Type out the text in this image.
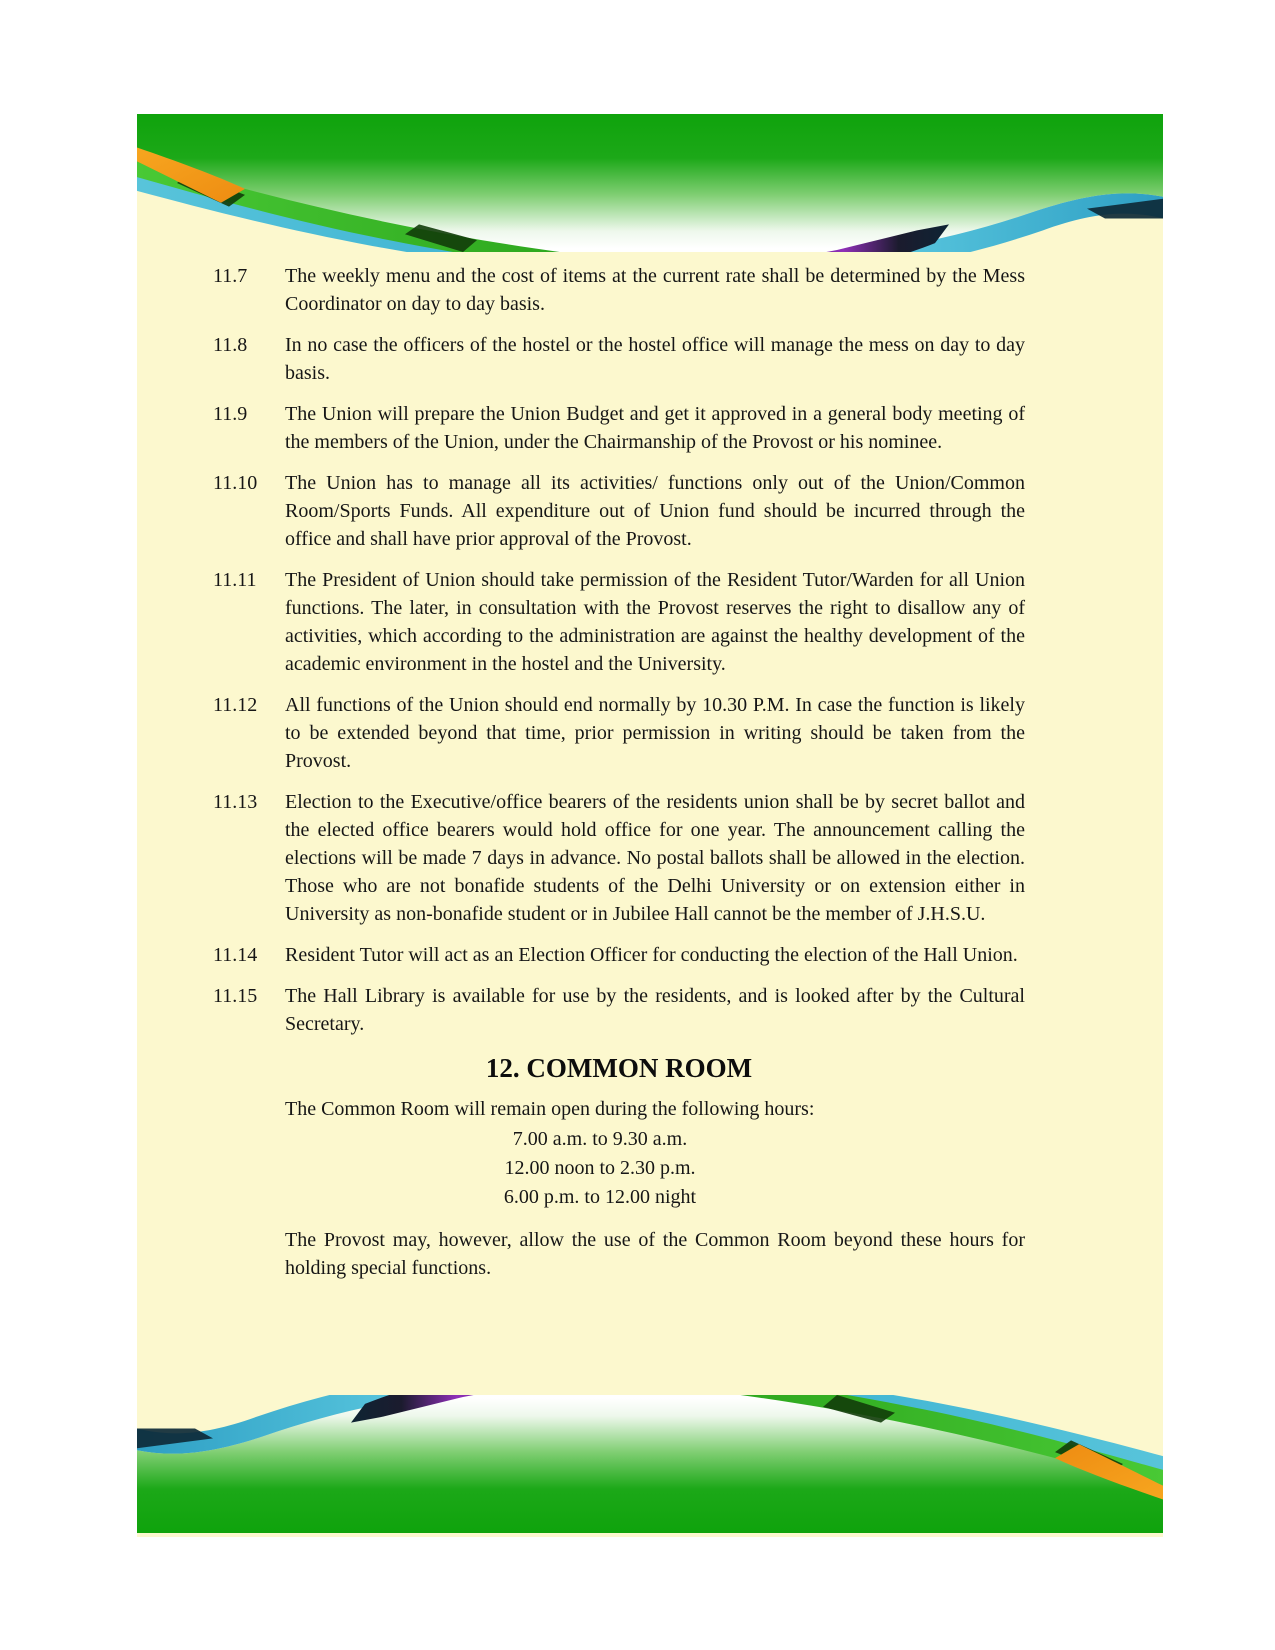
11.7	The weekly menu and the cost of items at the current rate shall be determined by the Mess Coordinator on day to day basis.
11.8	In no case the officers of the hostel or the hostel office will manage the mess on day to day basis.
11.9	The Union will prepare the Union Budget and get it approved in a general body meeting of the members of the Union, under the Chairmanship of the Provost or his nominee.
11.10	The Union has to manage all its activities/ functions only out of the Union/Common Room/Sports Funds. All expenditure out of Union fund should be incurred through the office and shall have prior approval of the Provost.
11.11	The President of Union should take permission of the Resident Tutor/Warden for all Union functions. The later, in consultation with the Provost reserves the right to disallow any of activities, which according to the administration are against the healthy development of the academic environment in the hostel and the University.
11.12	All functions of the Union should end normally by 10.30 P.M. In case the function is likely to be extended beyond that time, prior permission in writing should be taken from the Provost.
11.13	Election to the Executive/office bearers of the residents union shall be by secret ballot and the elected office bearers would hold office for one year. The announcement calling the elections will be made 7 days in advance. No postal ballots shall be allowed in the election. Those who are not bonafide students of the Delhi University or on extension either in University as non-bonafide student or in Jubilee Hall cannot be the member of J.H.S.U.
11.14	Resident Tutor will act as an Election Officer for conducting the election of the Hall Union.
11.15	The Hall Library is available for use by the residents, and is looked after by the Cultural Secretary.
12. COMMON ROOM
The Common Room will remain open during the following hours:
7.00 a.m. to 9.30 a.m.
12.00 noon to 2.30 p.m.
6.00 p.m. to 12.00 night
The Provost may, however, allow the use of the Common Room beyond these hours for holding special functions.
